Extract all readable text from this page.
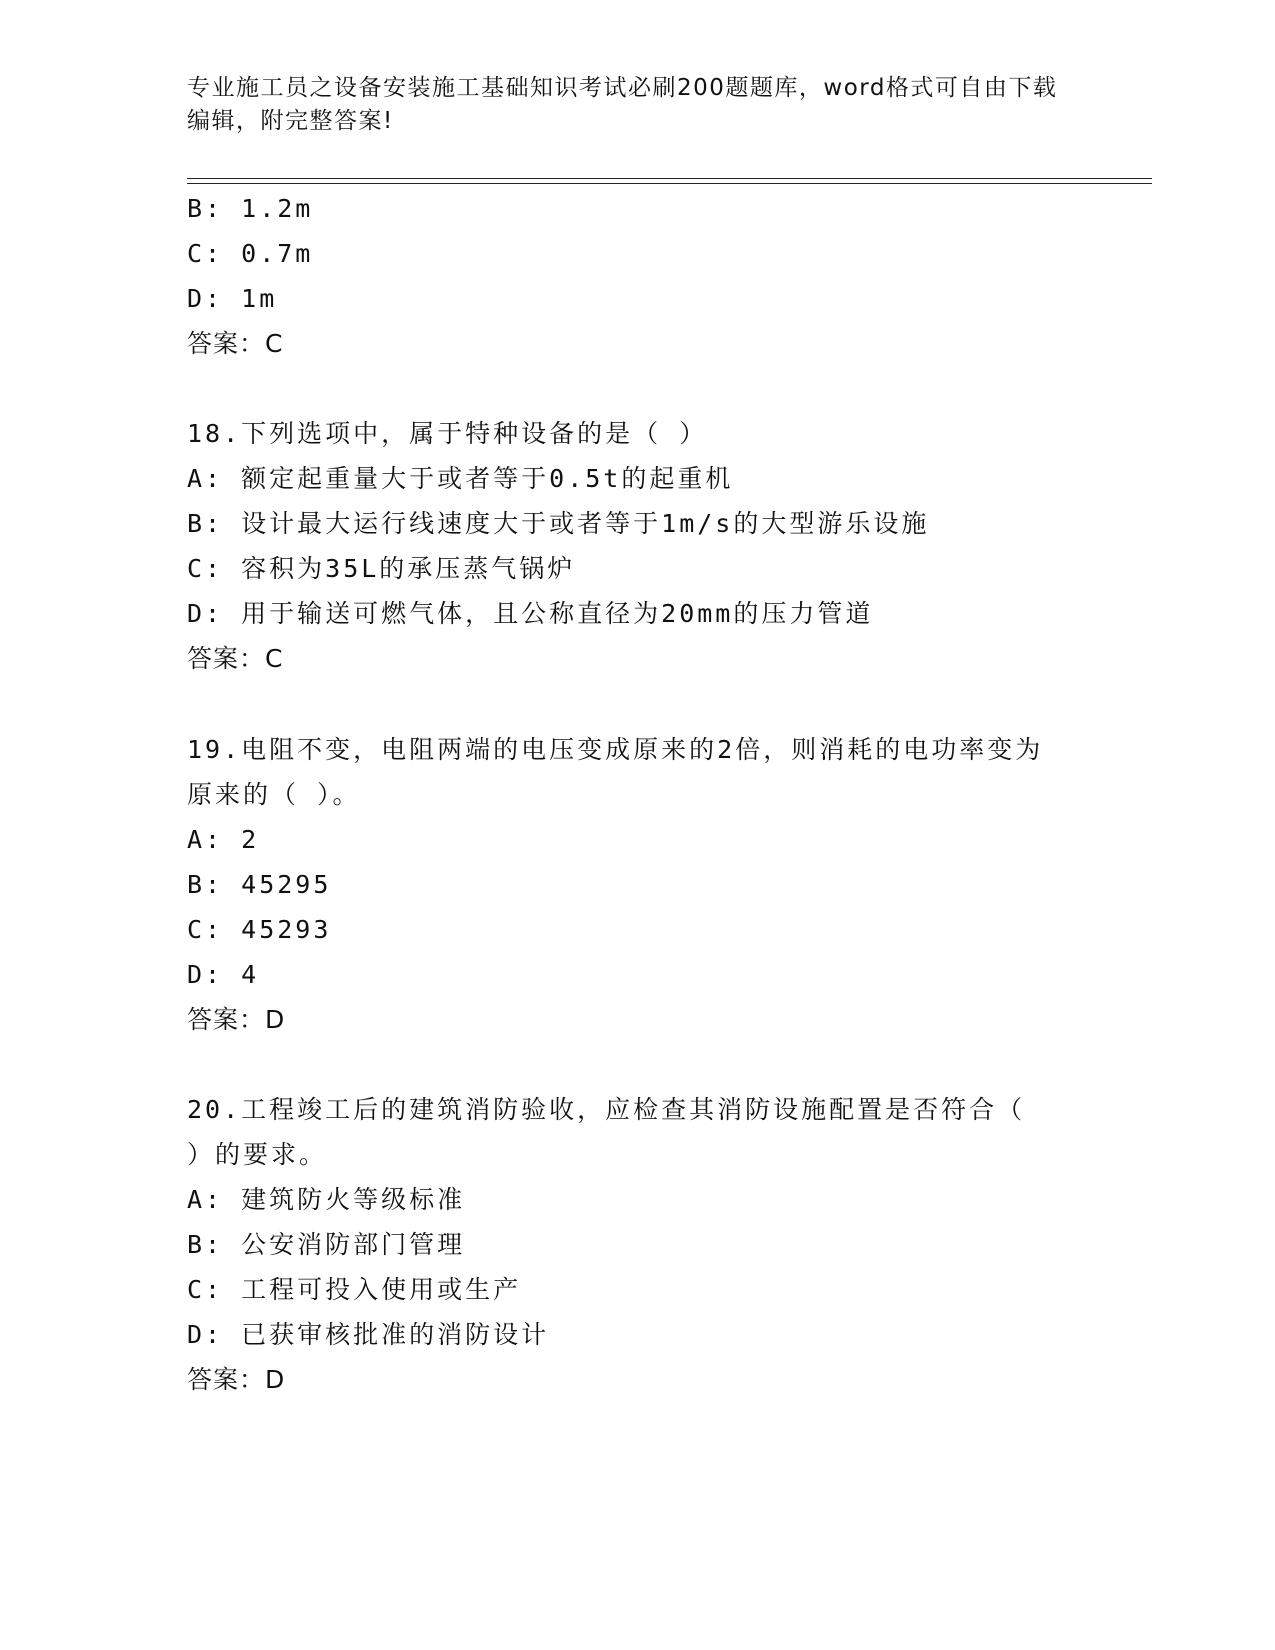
专业施工员之设备安装施工基础知识考试必刷200题题库，word格式可自由下载
编辑，附完整答案!
B: 1.2m
C: 0.7m
D: 1m
答案：C
18.下列选项中，属于特种设备的是（ ）
A: 额定起重量大于或者等于0.5t的起重机
B: 设计最大运行线速度大于或者等于1m/s的大型游乐设施
C: 容积为35L的承压蒸气锅炉
D: 用于输送可燃气体，且公称直径为20mm的压力管道
答案：C
19.电阻不变，电阻两端的电压变成原来的2倍，则消耗的电功率变为
原来的（ ）。
A: 2
B: 45295
C: 45293
D: 4
答案：D
20.工程竣工后的建筑消防验收，应检查其消防设施配置是否符合（
）的要求。
A: 建筑防火等级标准
B: 公安消防部门管理
C: 工程可投入使用或生产
D: 已获审核批准的消防设计
答案：D
